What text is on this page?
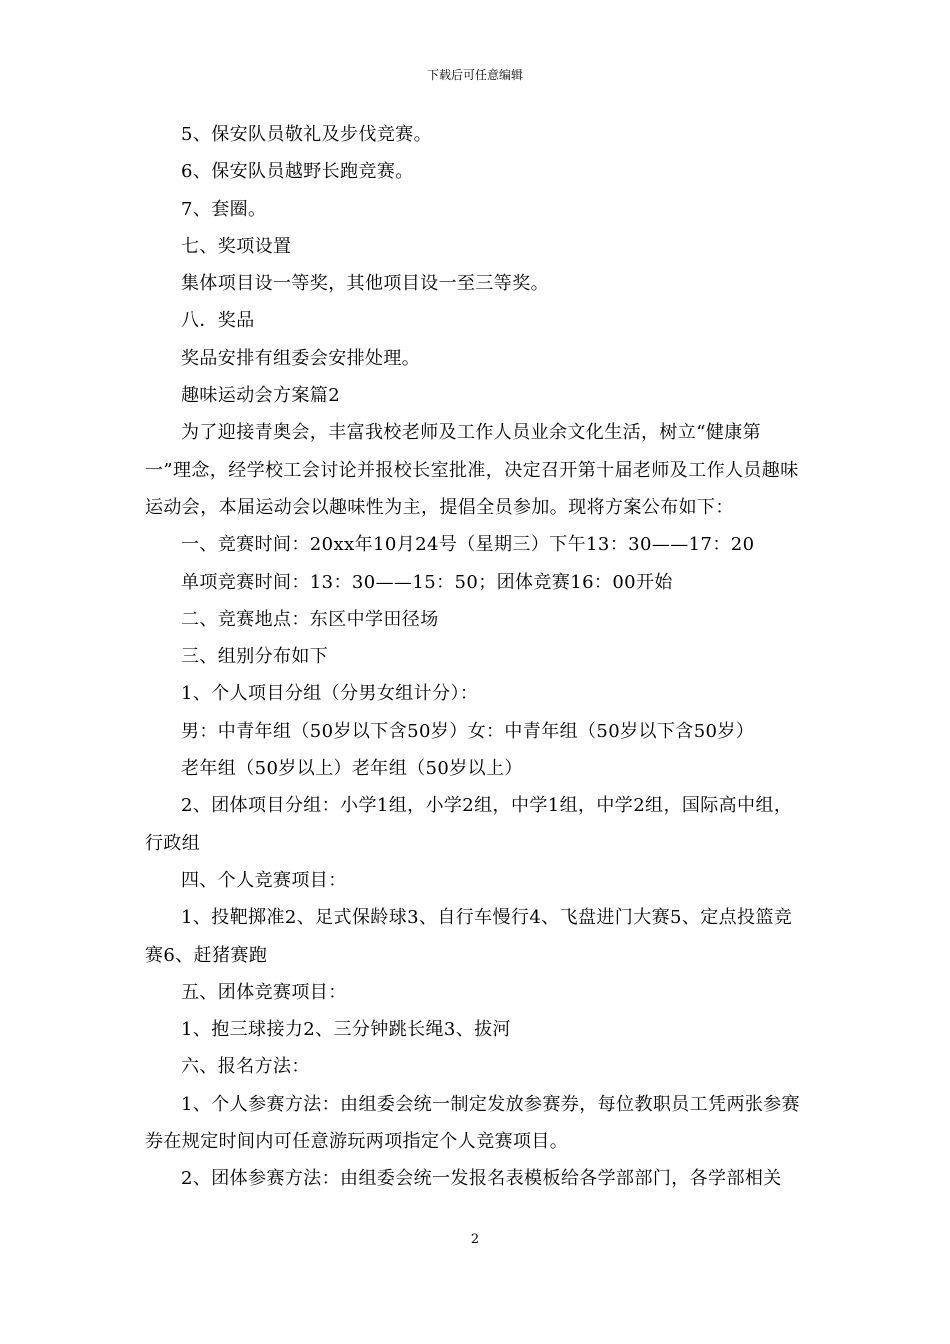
下载后可任意编辑

5、保安队员敬礼及步伐竞赛。

6、保安队员越野长跑竞赛。

7、套圈。

七、奖项设置

集体项目设一等奖，其他项目设一至三等奖。

八．奖品

奖品安排有组委会安排处理。

趣味运动会方案篇2

为了迎接青奥会，丰富我校老师及工作人员业余文化生活，树立“健康第一”理念，经学校工会讨论并报校长室批准，决定召开第十届老师及工作人员趣味运动会，本届运动会以趣味性为主，提倡全员参加。现将方案公布如下：

一、竞赛时间：20xx年10月24号（星期三）下午13：30——17：20

单项竞赛时间：13：30——15：50；团体竞赛16：00开始

二、竞赛地点：东区中学田径场

三、组别分布如下

1、个人项目分组（分男女组计分）：

男：中青年组（50岁以下含50岁）女：中青年组（50岁以下含50岁）

老年组（50岁以上）老年组（50岁以上）

2、团体项目分组：小学1组，小学2组，中学1组，中学2组，国际高中组，行政组

四、个人竞赛项目：

1、投靶掷准2、足式保龄球3、自行车慢行4、飞盘进门大赛5、定点投篮竞赛6、赶猪赛跑

五、团体竞赛项目：

1、抱三球接力2、三分钟跳长绳3、拔河

六、报名方法：

1、个人参赛方法：由组委会统一制定发放参赛券，每位教职员工凭两张参赛券在规定时间内可任意游玩两项指定个人竞赛项目。

2、团体参赛方法：由组委会统一发报名表模板给各学部部门，各学部相关

2
